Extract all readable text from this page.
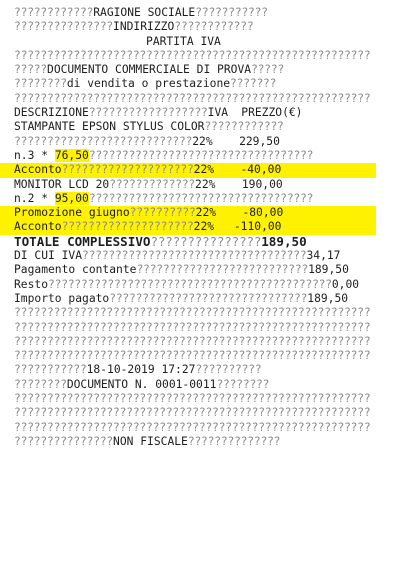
????????????RAGIONE SOCIALE???????????
???????????????INDIRIZZO????????????
PARTITA IVA
??????????????????????????????????????????????????????
?????DOCUMENTO COMMERCIALE DI PROVA?????
????????di vendita o prestazione???????
??????????????????????????????????????????????????????
DESCRIZIONE??????????????????IVA PREZZO(€)
STAMPANTE EPSON STYLUS COLOR????????????
???????????????????????????22% 229,50
n.3 * 76,50??????????????????????????????????
Acconto????????????????????22% -40,00
MONITOR LCD 20?????????????22% 190,00
n.2 * 95,00??????????????????????????????????
Promozione giugno??????????22% -80,00
Acconto????????????????????22% -110,00
TOTALE COMPLESSIVO???????????????189,50
DI CUI IVA??????????????????????????????????34,17
Pagamento contante??????????????????????????189,50
Resto???????????????????????????????????????????0,00
Importo pagato??????????????????????????????189,50
??????????????????????????????????????????????????????
??????????????????????????????????????????????????????
??????????????????????????????????????????????????????
??????????????????????????????????????????????????????
???????????18-10-2019 17:27??????????
????????DOCUMENTO N. 0001-0011????????
??????????????????????????????????????????????????????
??????????????????????????????????????????????????????
??????????????????????????????????????????????????????
???????????????NON FISCALE??????????????
